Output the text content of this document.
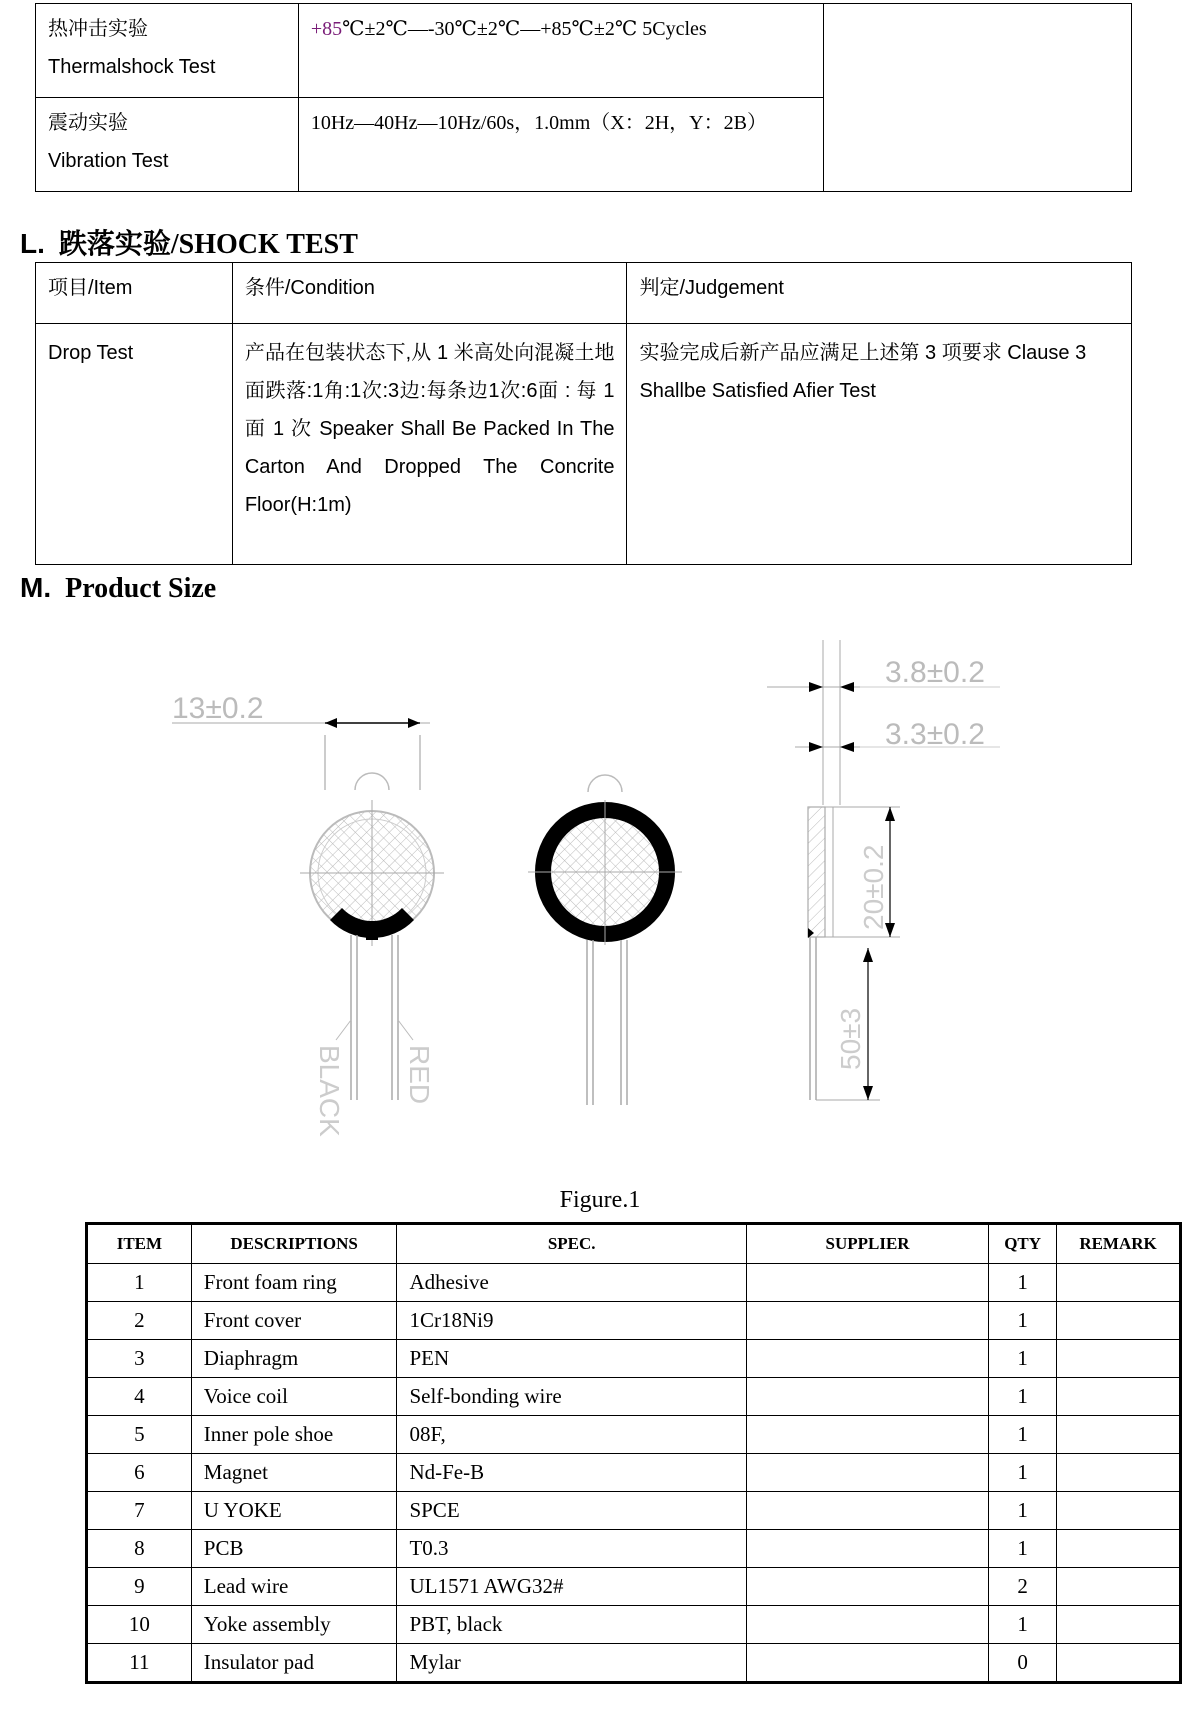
热冲击实验
Thermalshock Test	+85℃±2℃—-30℃±2℃—+85℃±2℃ 5Cycles	

震动实验
Vibration Test	10Hz—40Hz—10Hz/60s，1.0mm（X：2H，Y：2B）	
L. 跌落实验/SHOCK TEST
项目/Item	条件/Condition	判定/Judgement
Drop Test	产品在包装状态下,从 1 米高处向混凝土地面跌落:1角:1次:3边:每条边1次:6面 : 每 1 面 1 次 Speaker Shall Be Packed In The Carton And Dropped The Concrite Floor(H:1m)	实验完成后新产品应满足上述第 3 项要求 Clause 3 Shallbe Satisfied Afier Test
M. Product Size
13±0.2
BLACK RED
3.8±0.2
3.3±0.2
20±0.2
50±3
Figure.1
ITEM	DESCRIPTIONS	SPEC.	SUPPLIER	QTY	REMARK
1	Front foam ring	Adhesive		1	
2	Front cover	1Cr18Ni9		1	
3	Diaphragm	PEN		1	
4	Voice coil	Self-bonding wire		1	
5	Inner pole shoe	08F,		1	
6	Magnet	Nd-Fe-B		1	
7	U YOKE	SPCE		1	
8	PCB	T0.3		1	
9	Lead wire	UL1571 AWG32#		2	
10	Yoke assembly	PBT, black		1	
11	Insulator pad	Mylar		0	
